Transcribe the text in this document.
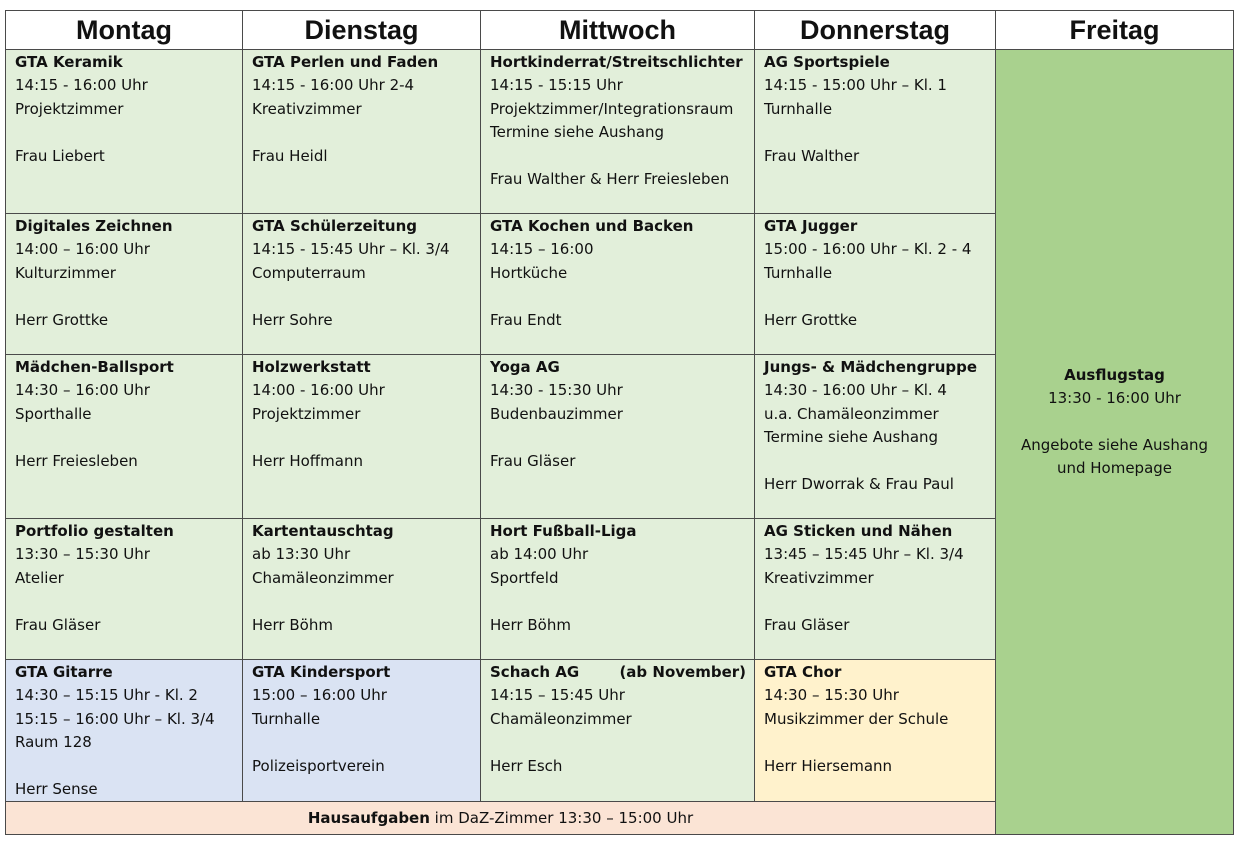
Montag	Dienstag	Mittwoch	Donnerstag	Freitag

GTA Keramik
14:15 - 16:00 Uhr
Projektzimmer
Frau Liebert	GTA Perlen und Faden
14:15 - 16:00 Uhr 2-4
Kreativzimmer
Frau Heidl	Hortkinderrat/Streitschlichter
14:15 - 15:15 Uhr
Projektzimmer/Integrationsraum
Termine siehe Aushang
Frau Walther & Herr Freiesleben	AG Sportspiele
14:15 - 15:00 Uhr – Kl. 1
Turnhalle
Frau Walther	Ausflugstag
13:30 - 16:00 Uhr
Angebote siehe Aushang
und Homepage

Digitales Zeichnen
14:00 – 16:00 Uhr
Kulturzimmer
Herr Grottke	GTA Schülerzeitung
14:15 - 15:45 Uhr – Kl. 3/4
Computerraum
Herr Sohre	GTA Kochen und Backen
14:15 – 16:00
Hortküche
Frau Endt	GTA Jugger
15:00 - 16:00 Uhr – Kl. 2 - 4
Turnhalle
Herr Grottke	

Mädchen-Ballsport
14:30 – 16:00 Uhr
Sporthalle
Herr Freiesleben	Holzwerkstatt
14:00 - 16:00 Uhr
Projektzimmer
Herr Hoffmann	Yoga AG
14:30 - 15:30 Uhr
Budenbauzimmer
Frau Gläser	Jungs- & Mädchengruppe
14:30 - 16:00 Uhr – Kl. 4
u.a. Chamäleonzimmer
Termine siehe Aushang
Herr Dworrak & Frau Paul	

Portfolio gestalten
13:30 – 15:30 Uhr
Atelier
Frau Gläser	Kartentauschtag
ab 13:30 Uhr
Chamäleonzimmer
Herr Böhm	Hort Fußball-Liga
ab 14:00 Uhr
Sportfeld
Herr Böhm	AG Sticken und Nähen
13:45 – 15:45 Uhr – Kl. 3/4
Kreativzimmer
Frau Gläser	

GTA Gitarre
14:30 – 15:15 Uhr - Kl. 2
15:15 – 16:00 Uhr – Kl. 3/4
Raum 128
Herr Sense	GTA Kindersport
15:00 – 16:00 Uhr
Turnhalle
Polizeisportverein	Schach AG (ab November)
14:15 – 15:45 Uhr
Chamäleonzimmer
Herr Esch	GTA Chor
14:30 – 15:30 Uhr
Musikzimmer der Schule
Herr Hiersemann	

Hausaufgaben im DaZ-Zimmer 13:30 – 15:00 Uhr				
